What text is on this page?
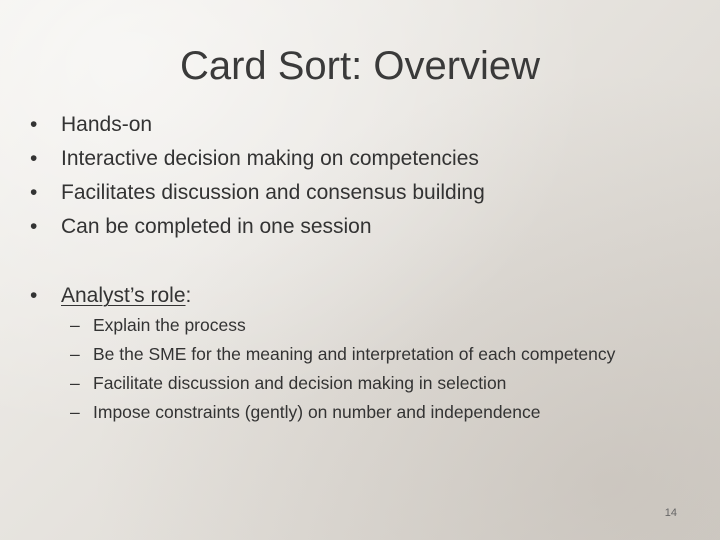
Card Sort: Overview
• Hands-on
• Interactive decision making on competencies
• Facilitates discussion and consensus building
• Can be completed in one session
• Analyst’s role:
– Explain the process
– Be the SME for the meaning and interpretation of each competency
– Facilitate discussion and decision making in selection
– Impose constraints (gently) on number and independence
14
